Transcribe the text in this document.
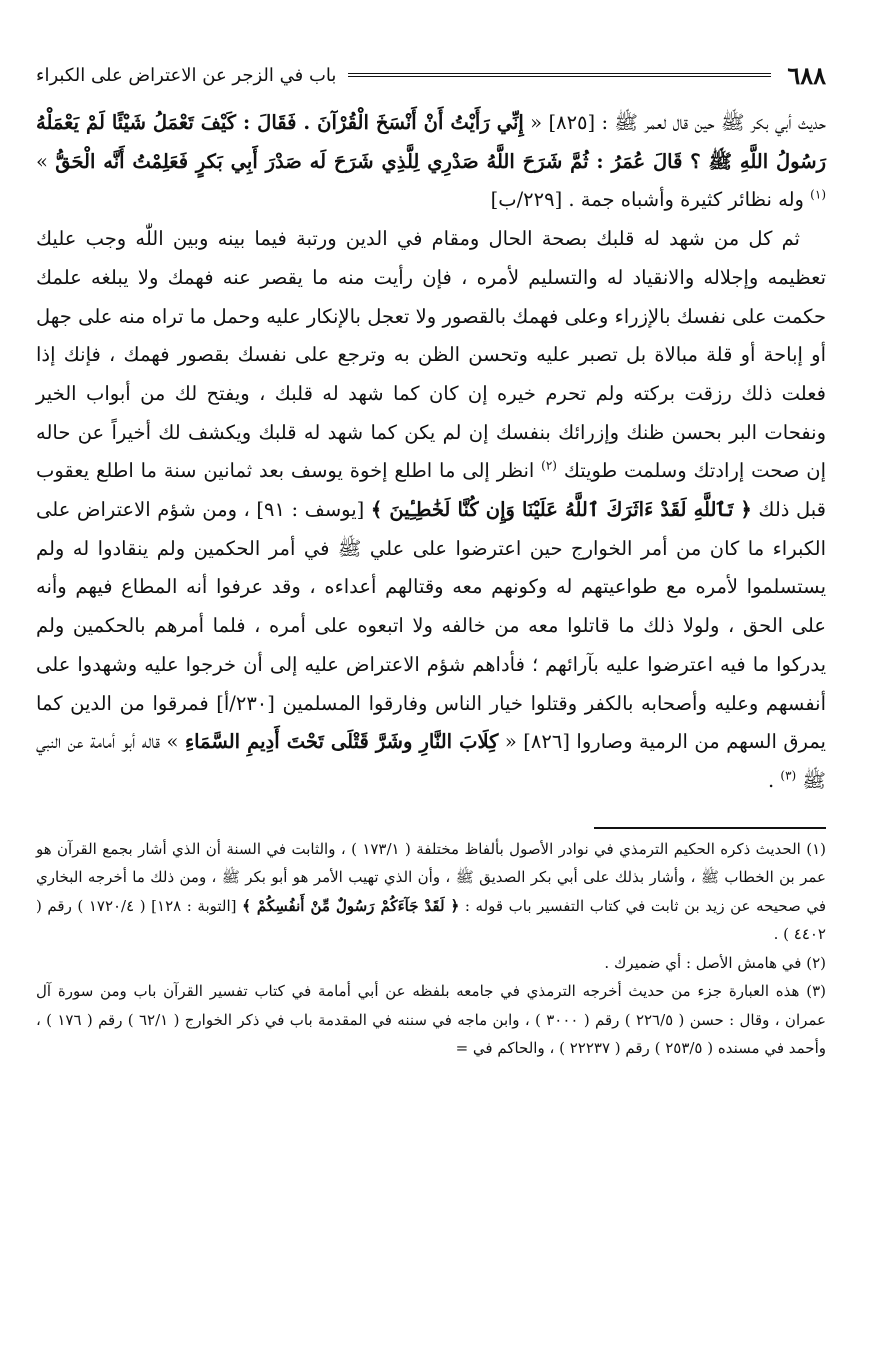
٦٨٨
باب في الزجر عن الاعتراض على الكبراء

حديث أبي بكر ﷺ حين قال لعمر ﷺ : [٨٢٥] « إِنِّي رَأَيْتُ أَنْ أَنْسَخَ الْقُرْآنَ . فَقَالَ : كَيْفَ تَعْمَلُ شَيْئًا لَمْ يَعْمَلْهُ رَسُولُ اللَّهِ ﷺ ؟ قَالَ عُمَرُ : ثُمَّ شَرَحَ اللَّهُ صَدْرِي لِلَّذِي شَرَحَ لَه صَدْرَ أَبِي بَكرٍ فَعَلِمْتُ أَنَّه الْحَقُّ » $^{(١)}$ وله نظائر كثيرة وأشباه جمة . [٢٢٩/ب]

ثم كل من شهد له قلبك بصحة الحال ومقام في الدين ورتبة فيما بينه وبين اللّٰه وجب عليك تعظيمه وإجلاله والانقياد له والتسليم لأمره ، فإن رأيت منه ما يقصر عنه فهمك ولا يبلغه علمك حكمت على نفسك بالإزراء وعلى فهمك بالقصور ولا تعجل بالإنكار عليه وحمل ما تراه منه على جهل أو إباحة أو قلة مبالاة بل تصبر عليه وتحسن الظن به وترجع على نفسك بقصور فهمك ، فإنك إذا فعلت ذلك رزقت بركته ولم تحرم خيره إن كان كما شهد له قلبك ، ويفتح لك من أبواب الخير ونفحات البر بحسن ظنك وإزرائك بنفسك إن لم يكن كما شهد له قلبك ويكشف لك أخيراً عن حاله إن صحت إرادتك وسلمت طويتك $^{(٢)}$ انظر إلى ما اطلع إخوة يوسف بعد ثمانين سنة ما اطلع يعقوب قبل ذلك ﴿ تَٱللَّهِ لَقَدْ ءَاثَرَكَ ٱللَّهُ عَلَيْنَا وَإِن كُنَّا لَخَٰطِـِٔينَ ﴾ [يوسف : ٩١] ، ومن شؤم الاعتراض على الكبراء ما كان من أمر الخوارج حين اعترضوا على علي ﷺ في أمر الحكمين ولم ينقادوا له ولم يستسلموا لأمره مع طواعيتهم له وكونهم معه وقتالهم أعداءه ، وقد عرفوا أنه المطاع فيهم وأنه على الحق ، ولولا ذلك ما قاتلوا معه من خالفه ولا اتبعوه على أمره ، فلما أمرهم بالحكمين ولم يدركوا ما فيه اعترضوا عليه بآرائهم ؛ فأداهم شؤم الاعتراض عليه إلى أن خرجوا عليه وشهدوا على أنفسهم وعليه وأصحابه بالكفر وقتلوا خيار الناس وفارقوا المسلمين [٢٣٠/أ] فمرقوا من الدين كما يمرق السهم من الرمية وصاروا [٨٢٦] « كِلَابَ النَّارِ وشَرَّ قَتْلَى تَحْتَ أَدِيمِ السَّمَاءِ » قاله أبو أمامة عن النبي ﷺ $^{(٣)}$ .

(١) الحديث ذكره الحكيم الترمذي في نوادر الأصول بألفاظ مختلفة ( ١٧٣/١ ) ، والثابت في السنة أن الذي أشار بجمع القرآن هو عمر بن الخطاب ﷺ ، وأشار بذلك على أبي بكر الصديق ﷺ ، وأن الذي تهيب الأمر هو أبو بكر ﷺ ، ومن ذلك ما أخرجه البخاري في صحيحه عن زيد بن ثابت في كتاب التفسير باب قوله : ﴿ لَقَدْ جَآءَكُمْ رَسُولٌ مِّنْ أَنفُسِكُمْ ﴾ [التوبة : ١٢٨] ( ١٧٢٠/٤ ) رقم ( ٤٤٠٢ ) .

(٢) في هامش الأصل : أي ضميرك .

(٣) هذه العبارة جزء من حديث أخرجه الترمذي في جامعه بلفظه عن أبي أمامة في كتاب تفسير القرآن باب ومن سورة آل عمران ، وقال : حسن ( ٢٢٦/٥ ) رقم ( ٣٠٠٠ ) ، وابن ماجه في سننه في المقدمة باب في ذكر الخوارج ( ٦٢/١ ) رقم ( ١٧٦ ) ، وأحمد في مسنده ( ٢٥٣/٥ ) رقم ( ٢٢٢٣٧ ) ، والحاكم في =
